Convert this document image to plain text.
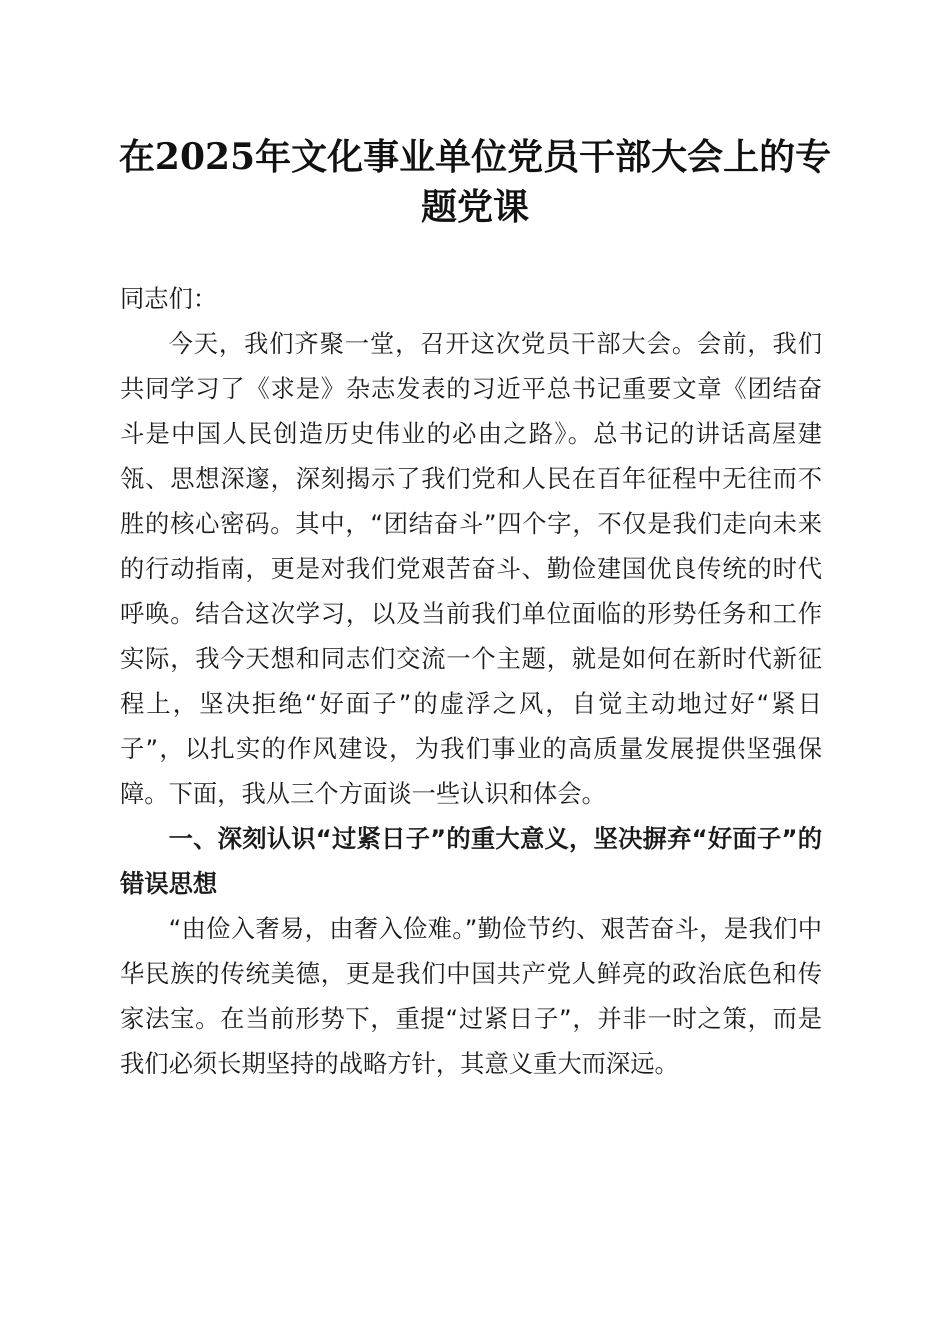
在2025年文化事业单位党员干部大会上的专题党课

同志们：

今天，我们齐聚一堂，召开这次党员干部大会。会前，我们共同学习了《求是》杂志发表的习近平总书记重要文章《团结奋斗是中国人民创造历史伟业的必由之路》。总书记的讲话高屋建瓴、思想深邃，深刻揭示了我们党和人民在百年征程中无往而不胜的核心密码。其中，“团结奋斗”四个字，不仅是我们走向未来的行动指南，更是对我们党艰苦奋斗、勤俭建国优良传统的时代呼唤。结合这次学习，以及当前我们单位面临的形势任务和工作实际，我今天想和同志们交流一个主题，就是如何在新时代新征程上，坚决拒绝“好面子”的虚浮之风，自觉主动地过好“紧日子”，以扎实的作风建设，为我们事业的高质量发展提供坚强保障。下面，我从三个方面谈一些认识和体会。

一、深刻认识“过紧日子”的重大意义，坚决摒弃“好面子”的错误思想

“由俭入奢易，由奢入俭难。”勤俭节约、艰苦奋斗，是我们中华民族的传统美德，更是我们中国共产党人鲜亮的政治底色和传家法宝。在当前形势下，重提“过紧日子”，并非一时之策，而是我们必须长期坚持的战略方针，其意义重大而深远。
